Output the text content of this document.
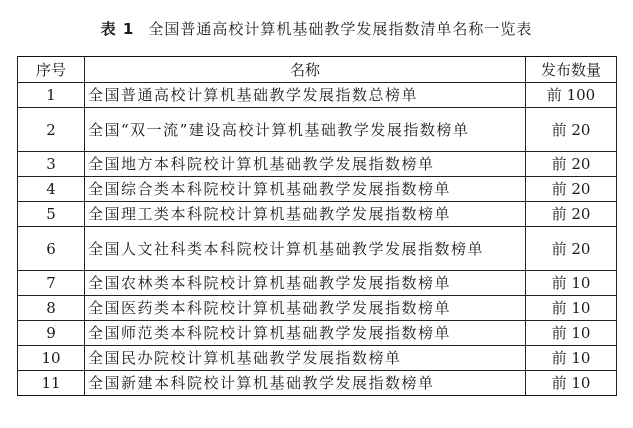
表 1 全国普通高校计算机基础教学发展指数清单名称一览表
序号	名称	发布数量
1	全国普通高校计算机基础教学发展指数总榜单	前 100
2	全国“双一流”建设高校计算机基础教学发展指数榜单	前 20
3	全国地方本科院校计算机基础教学发展指数榜单	前 20
4	全国综合类本科院校计算机基础教学发展指数榜单	前 20
5	全国理工类本科院校计算机基础教学发展指数榜单	前 20
6	全国人文社科类本科院校计算机基础教学发展指数榜单	前 20
7	全国农林类本科院校计算机基础教学发展指数榜单	前 10
8	全国医药类本科院校计算机基础教学发展指数榜单	前 10
9	全国师范类本科院校计算机基础教学发展指数榜单	前 10
10	全国民办院校计算机基础教学发展指数榜单	前 10
11	全国新建本科院校计算机基础教学发展指数榜单	前 10
